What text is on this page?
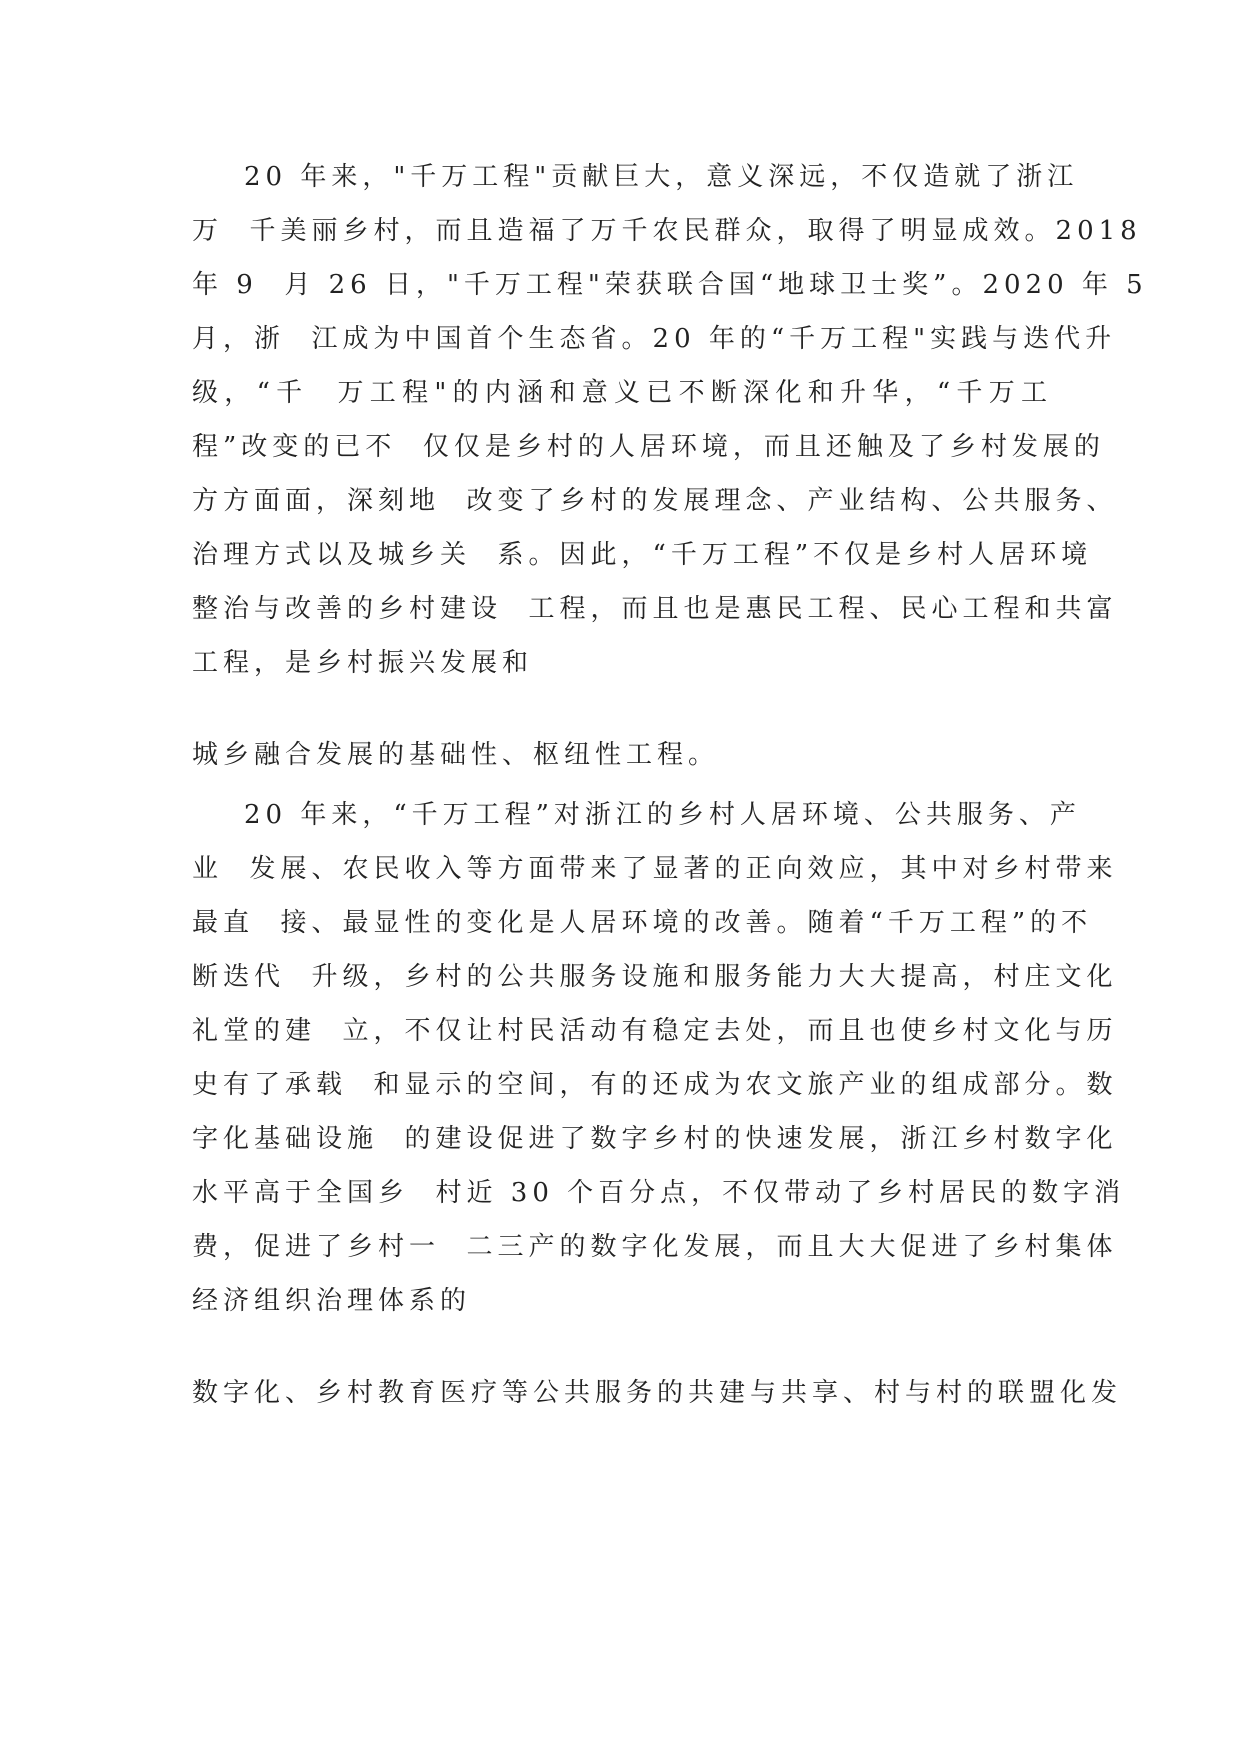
20 年来，"千万工程"贡献巨大，意义深远，不仅造就了浙江
万  千美丽乡村，而且造福了万千农民群众，取得了明显成效。2018
年 9  月 26 日，"千万工程"荣获联合国“地球卫士奖”。2020 年 5
月，浙  江成为中国首个生态省。20 年的“千万工程"实践与迭代升
级，“千  万工程"的内涵和意义已不断深化和升华，“千万工
程”改变的已不  仅仅是乡村的人居环境，而且还触及了乡村发展的
方方面面，深刻地  改变了乡村的发展理念、产业结构、公共服务、
治理方式以及城乡关  系。因此，“千万工程”不仅是乡村人居环境
整治与改善的乡村建设  工程，而且也是惠民工程、民心工程和共富
工程，是乡村振兴发展和
城乡融合发展的基础性、枢纽性工程。
20 年来，“千万工程”对浙江的乡村人居环境、公共服务、产
业  发展、农民收入等方面带来了显著的正向效应，其中对乡村带来
最直  接、最显性的变化是人居环境的改善。随着“千万工程”的不
断迭代  升级，乡村的公共服务设施和服务能力大大提高，村庄文化
礼堂的建  立，不仅让村民活动有稳定去处，而且也使乡村文化与历
史有了承载  和显示的空间，有的还成为农文旅产业的组成部分。数
字化基础设施  的建设促进了数字乡村的快速发展，浙江乡村数字化
水平高于全国乡  村近 30 个百分点，不仅带动了乡村居民的数字消
费，促进了乡村一  二三产的数字化发展，而且大大促进了乡村集体
经济组织治理体系的
数字化、乡村教育医疗等公共服务的共建与共享、村与村的联盟化发
